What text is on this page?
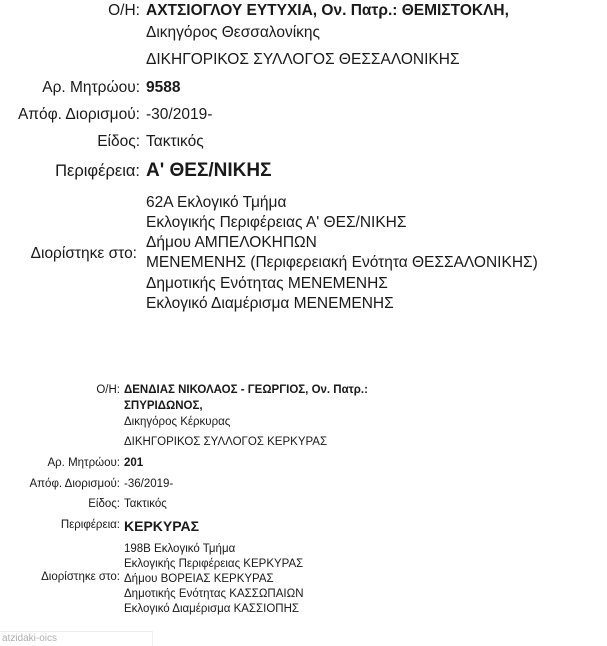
Ο/Η: ΑΧΤΣΙΟΓΛΟΥ ΕΥΤΥΧΙΑ, Ον. Πατρ.: ΘΕΜΙΣΤΟΚΛΗ,
Δικηγόρος Θεσσαλονίκης
ΔΙΚΗΓΟΡΙΚΟΣ ΣΥΛΛΟΓΟΣ ΘΕΣΣΑΛΟΝΙΚΗΣ
Αρ. Μητρώου: 9588
Απόφ. Διορισμού: -30/2019-
Είδος: Τακτικός
Περιφέρεια: Α' ΘΕΣ/ΝΙΚΗΣ
Διορίστηκε στο:
62Α Εκλογικό Τμήμα
Εκλογικής Περιφέρειας Α' ΘΕΣ/ΝΙΚΗΣ
Δήμου ΑΜΠΕΛΟΚΗΠΩΝ
ΜΕΝΕΜΕΝΗΣ (Περιφερειακή Ενότητα ΘΕΣΣΑΛΟΝΙΚΗΣ)
Δημοτικής Ενότητας ΜΕΝΕΜΕΝΗΣ
Εκλογικό Διαμέρισμα ΜΕΝΕΜΕΝΗΣ
Ο/Η: ΔΕΝΔΙΑΣ ΝΙΚΟΛΑΟΣ - ΓΕΩΡΓΙΟΣ, Ον. Πατρ.:
ΣΠΥΡΙΔΩΝΟΣ,
Δικηγόρος Κέρκυρας
ΔΙΚΗΓΟΡΙΚΟΣ ΣΥΛΛΟΓΟΣ ΚΕΡΚΥΡΑΣ
Αρ. Μητρώου: 201
Απόφ. Διορισμού: -36/2019-
Είδος: Τακτικός
Περιφέρεια: ΚΕΡΚΥΡΑΣ
Διορίστηκε στο:
198Β Εκλογικό Τμήμα
Εκλογικής Περιφέρειας ΚΕΡΚΥΡΑΣ
Δήμου ΒΟΡΕΙΑΣ ΚΕΡΚΥΡΑΣ
Δημοτικής Ενότητας ΚΑΣΣΩΠΑΙΩΝ
Εκλογικό Διαμέρισμα ΚΑΣΣΙΟΠΗΣ
atzidaki-oics
